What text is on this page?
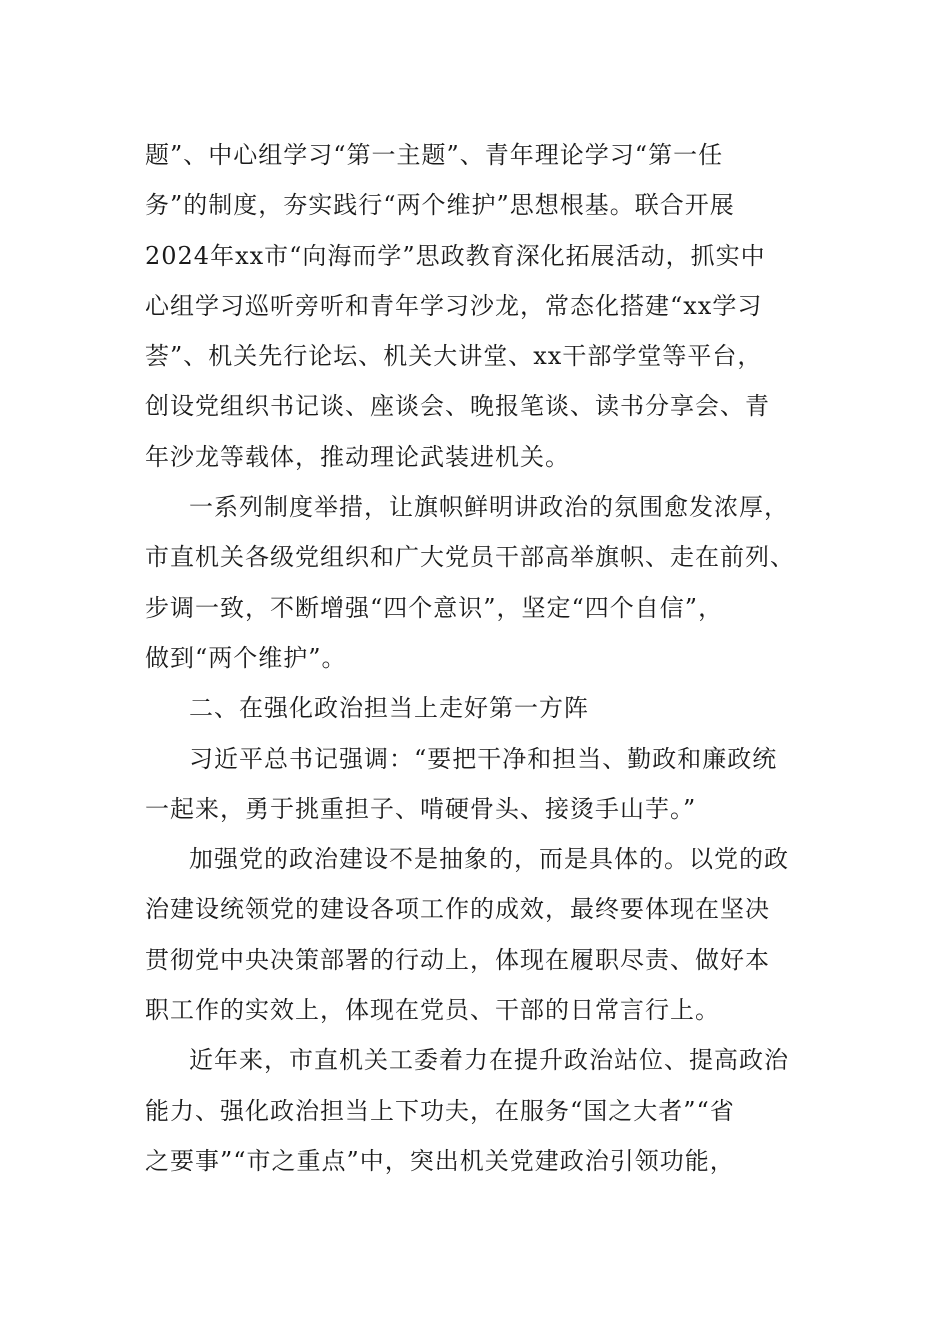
题”、中心组学习“第一主题”、青年理论学习“第一任
务”的制度，夯实践行“两个维护”思想根基。联合开展
2024年xx市“向海而学”思政教育深化拓展活动，抓实中
心组学习巡听旁听和青年学习沙龙，常态化搭建“xx学习
荟”、机关先行论坛、机关大讲堂、xx干部学堂等平台，
创设党组织书记谈、座谈会、晚报笔谈、读书分享会、青
年沙龙等载体，推动理论武装进机关。
一系列制度举措，让旗帜鲜明讲政治的氛围愈发浓厚，
市直机关各级党组织和广大党员干部高举旗帜、走在前列、
步调一致，不断增强“四个意识”，坚定“四个自信”，
做到“两个维护”。
二、在强化政治担当上走好第一方阵
习近平总书记强调：“要把干净和担当、勤政和廉政统
一起来，勇于挑重担子、啃硬骨头、接烫手山芋。”
加强党的政治建设不是抽象的，而是具体的。以党的政
治建设统领党的建设各项工作的成效，最终要体现在坚决
贯彻党中央决策部署的行动上，体现在履职尽责、做好本
职工作的实效上，体现在党员、干部的日常言行上。
近年来，市直机关工委着力在提升政治站位、提高政治
能力、强化政治担当上下功夫，在服务“国之大者”“省
之要事”“市之重点”中，突出机关党建政治引领功能，
